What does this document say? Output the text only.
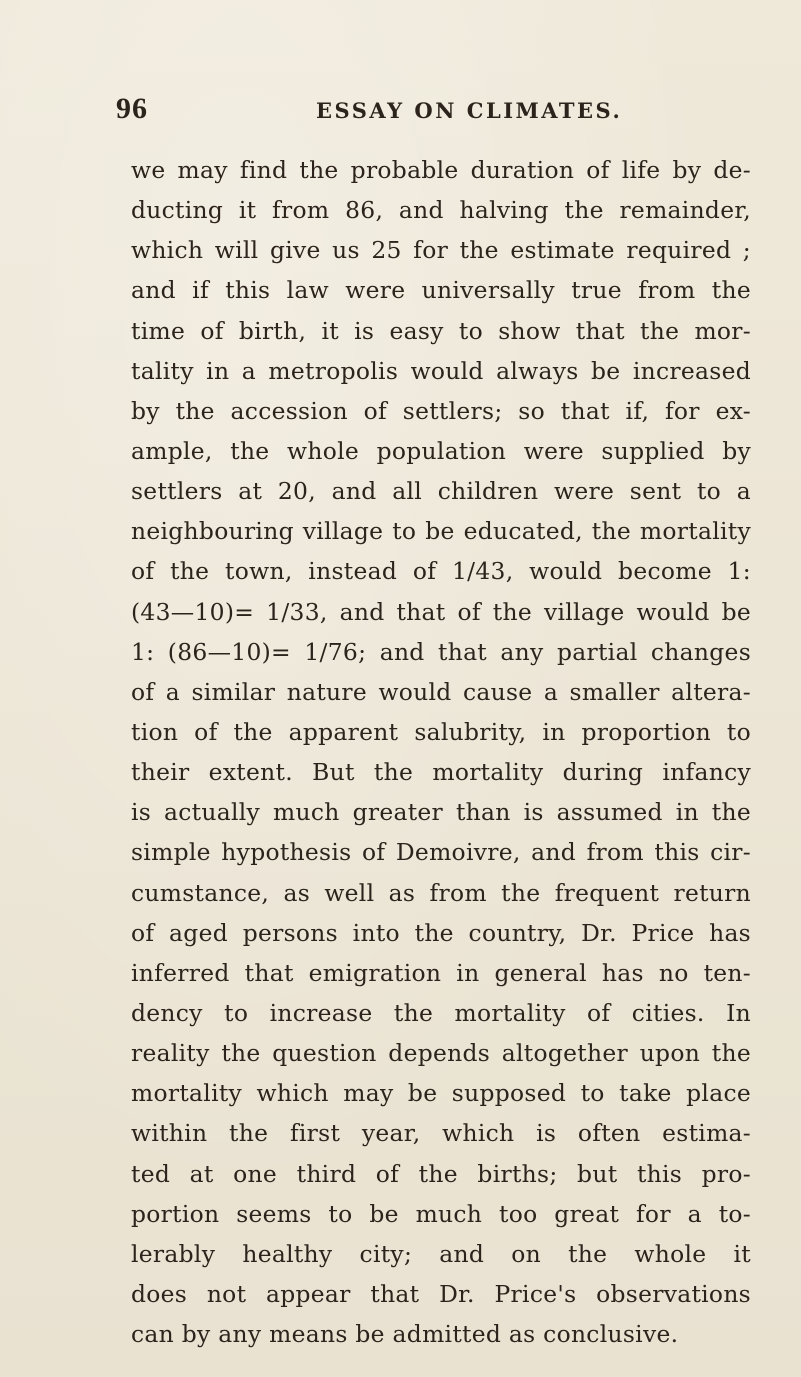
96	ESSAY ON CLIMATES.
we may find the probable duration of life by de-
ducting it from 86, and halving the remainder,
which will give us 25 for the estimate required ;
and if this law were universally true from the
time of birth, it is easy to show that the mor-
tality in a metropolis would always be increased
by the accession of settlers; so that if, for ex-
ample, the whole population were supplied by
settlers at 20, and all children were sent to a
neighbouring village to be educated, the mortality
of the town, instead of 1/43, would become 1:
(43—10)= 1/33, and that of the village would be
1: (86—10)= 1/76; and that any partial changes
of a similar nature would cause a smaller altera-
tion of the apparent salubrity, in proportion to
their extent. But the mortality during infancy
is actually much greater than is assumed in the
simple hypothesis of Demoivre, and from this cir-
cumstance, as well as from the frequent return
of aged persons into the country, Dr. Price has
inferred that emigration in general has no ten-
dency to increase the mortality of cities. In
reality the question depends altogether upon the
mortality which may be supposed to take place
within the first year, which is often estima-
ted at one third of the births; but this pro-
portion seems to be much too great for a to-
lerably healthy city; and on the whole it
does not appear that Dr. Price's observations
can by any means be admitted as conclusive.
